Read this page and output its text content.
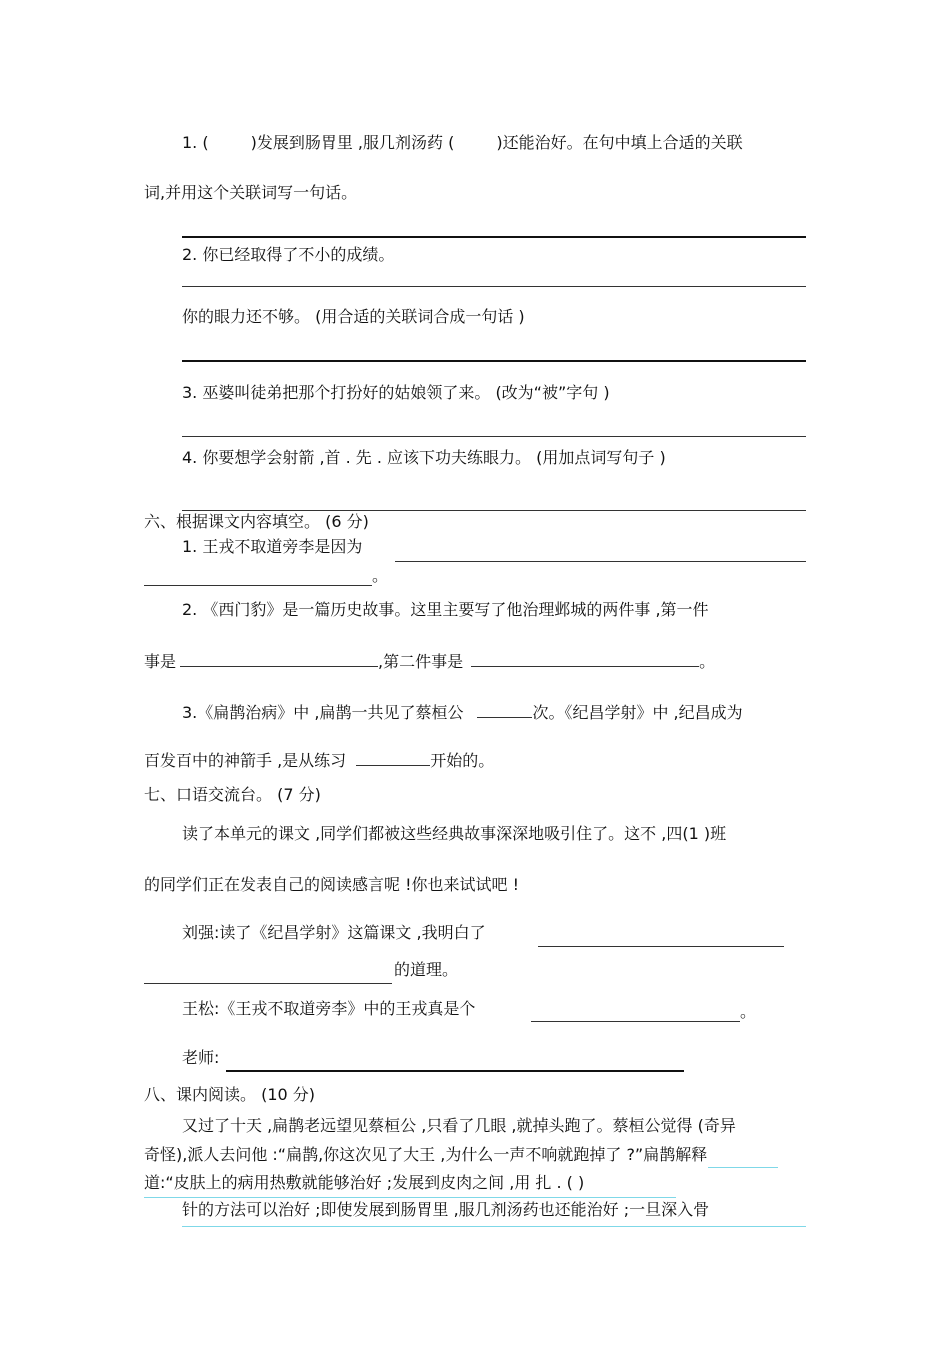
1. (	)发展到肠胃里 ,服几剂汤药 (	)还能治好。在句中填上合适的关联
词,并用这个关联词写一句话。
2. 你已经取得了不小的成绩。
你的眼力还不够。 (用合适的关联词合成一句话 )
3. 巫婆叫徒弟把那个打扮好的姑娘领了来。 (改为“被”字句 )
4. 你要想学会射箭 ,首 . 先 . 应该下功夫练眼力。 (用加点词写句子 )
六、根据课文内容填空。 (6 分)
1. 王戎不取道旁李是因为
。
2. 《西门豹》是一篇历史故事。这里主要写了他治理邺城的两件事 ,第一件
事是	,第二件事是	。
3.《扁鹊治病》中 ,扁鹊一共见了蔡桓公	次。《纪昌学射》中 ,纪昌成为
百发百中的神箭手 ,是从练习	开始的。
七、口语交流台。 (7 分)
读了本单元的课文 ,同学们都被这些经典故事深深地吸引住了。这不 ,四(1 )班
的同学们正在发表自己的阅读感言呢 !你也来试试吧 !
刘强:读了《纪昌学射》这篇课文 ,我明白了
的道理。
王松:《王戎不取道旁李》中的王戎真是个	。
老师:
八、课内阅读。 (10 分)
又过了十天 ,扁鹊老远望见蔡桓公 ,只看了几眼 ,就掉头跑了。蔡桓公觉得 (奇异
奇怪),派人去问他 :“扁鹊,你这次见了大王 ,为什么一声不响就跑掉了 ?”扁鹊解释
道:“皮肤上的病用热敷就能够治好 ;发展到皮肉之间 ,用 扎 . ( )
针的方法可以治好 ;即使发展到肠胃里 ,服几剂汤药也还能治好 ;一旦深入骨
